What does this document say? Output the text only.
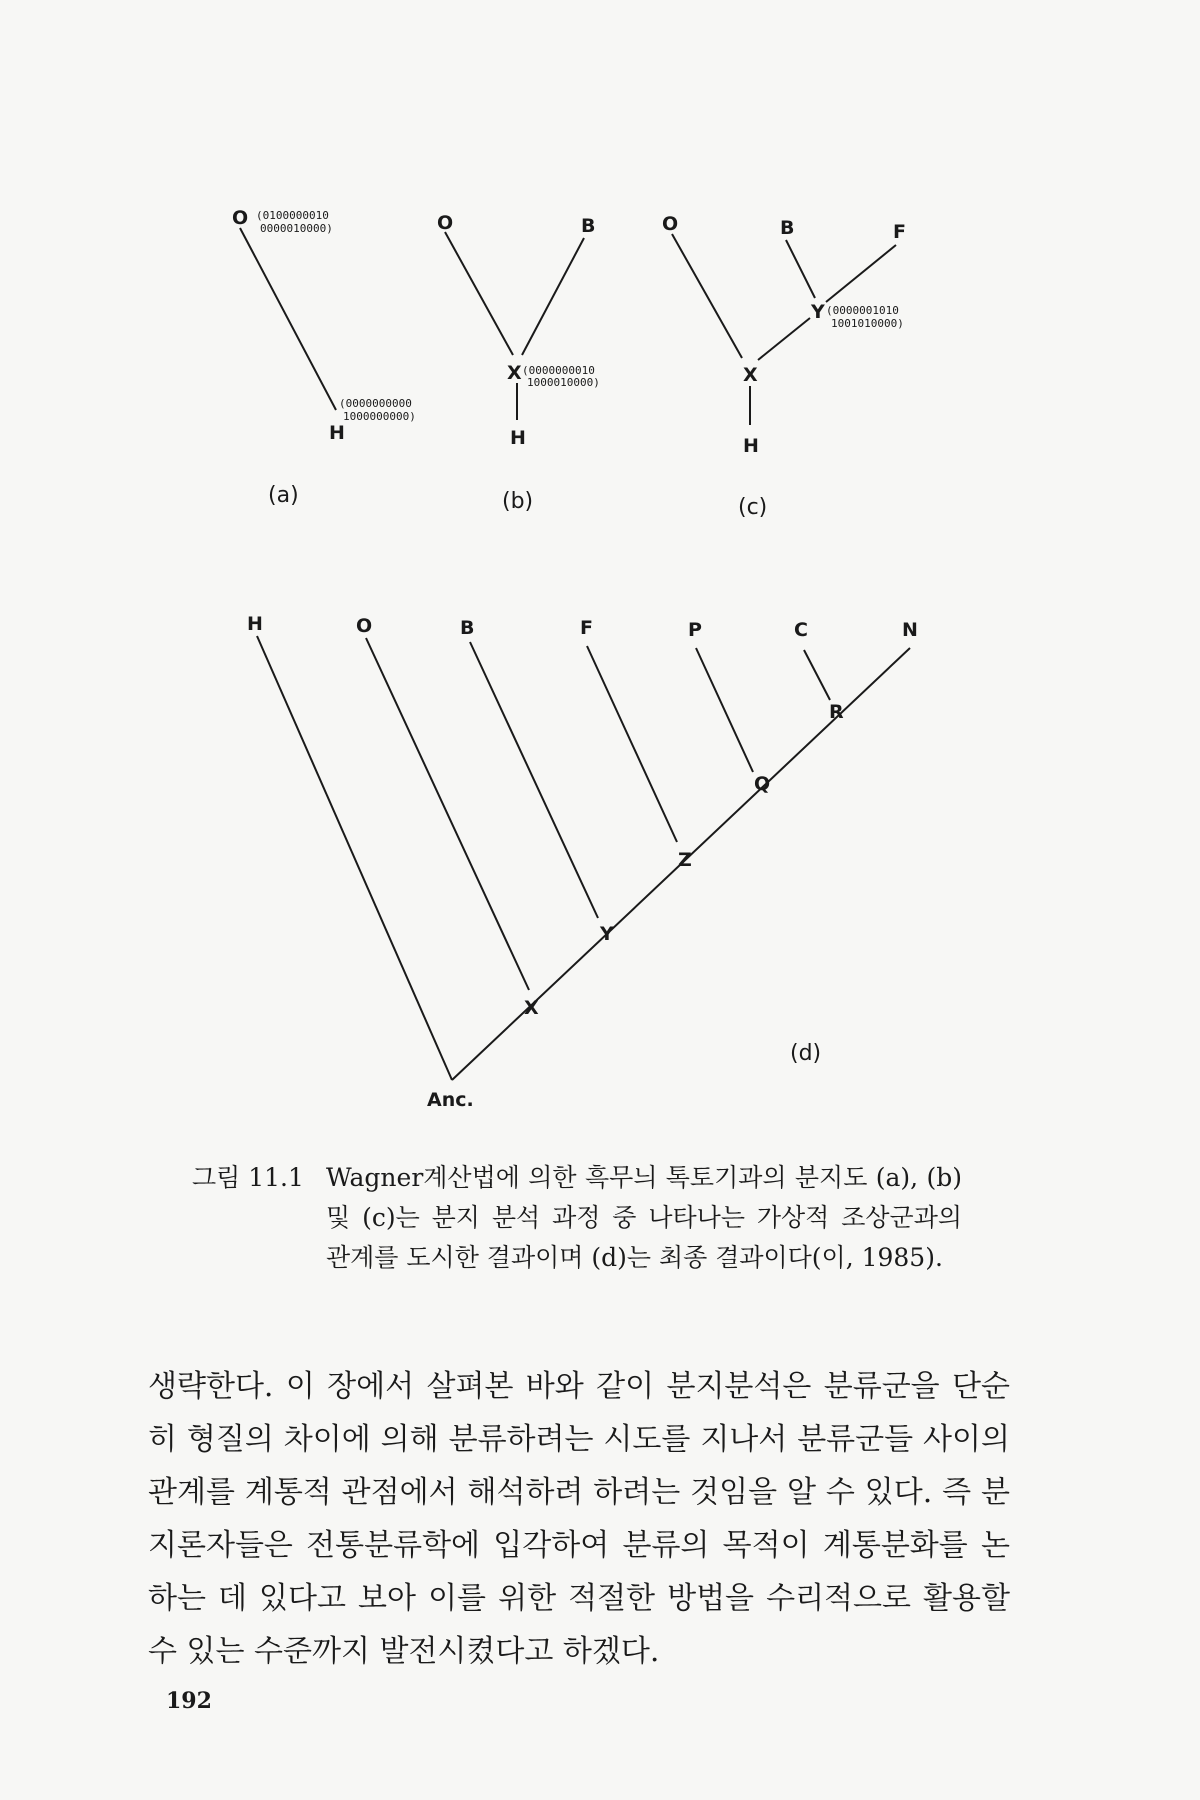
O (0100000010
0000010000)
(0000000000
1000000000)
H
(a)
O	B
X (0000000010
1000010000)
H
(b)
O	B	F
Y (0000001010
1001010000)
X
H
(c)
H	O	B	F	P	C	N
X
Y
Z
Q
R
Anc.
(d)
그림 11.1 Wagner계산법에 의한 흑무늬 톡토기과의 분지도 (a), (b) 및 (c)는 분지 분석 과정 중 나타나는 가상적 조상군과의 관계를 도시한 결과이며 (d)는 최종 결과이다(이, 1985).

생략한다. 이 장에서 살펴본 바와 같이 분지분석은 분류군을 단순히 형질의 차이에 의해 분류하려는 시도를 지나서 분류군들 사이의 관계를 계통적 관점에서 해석하려 하려는 것임을 알 수 있다. 즉 분지론자들은 전통분류학에 입각하여 분류의 목적이 계통분화를 논하는 데 있다고 보아 이를 위한 적절한 방법을 수리적으로 활용할 수 있는 수준까지 발전시켰다고 하겠다.

192
